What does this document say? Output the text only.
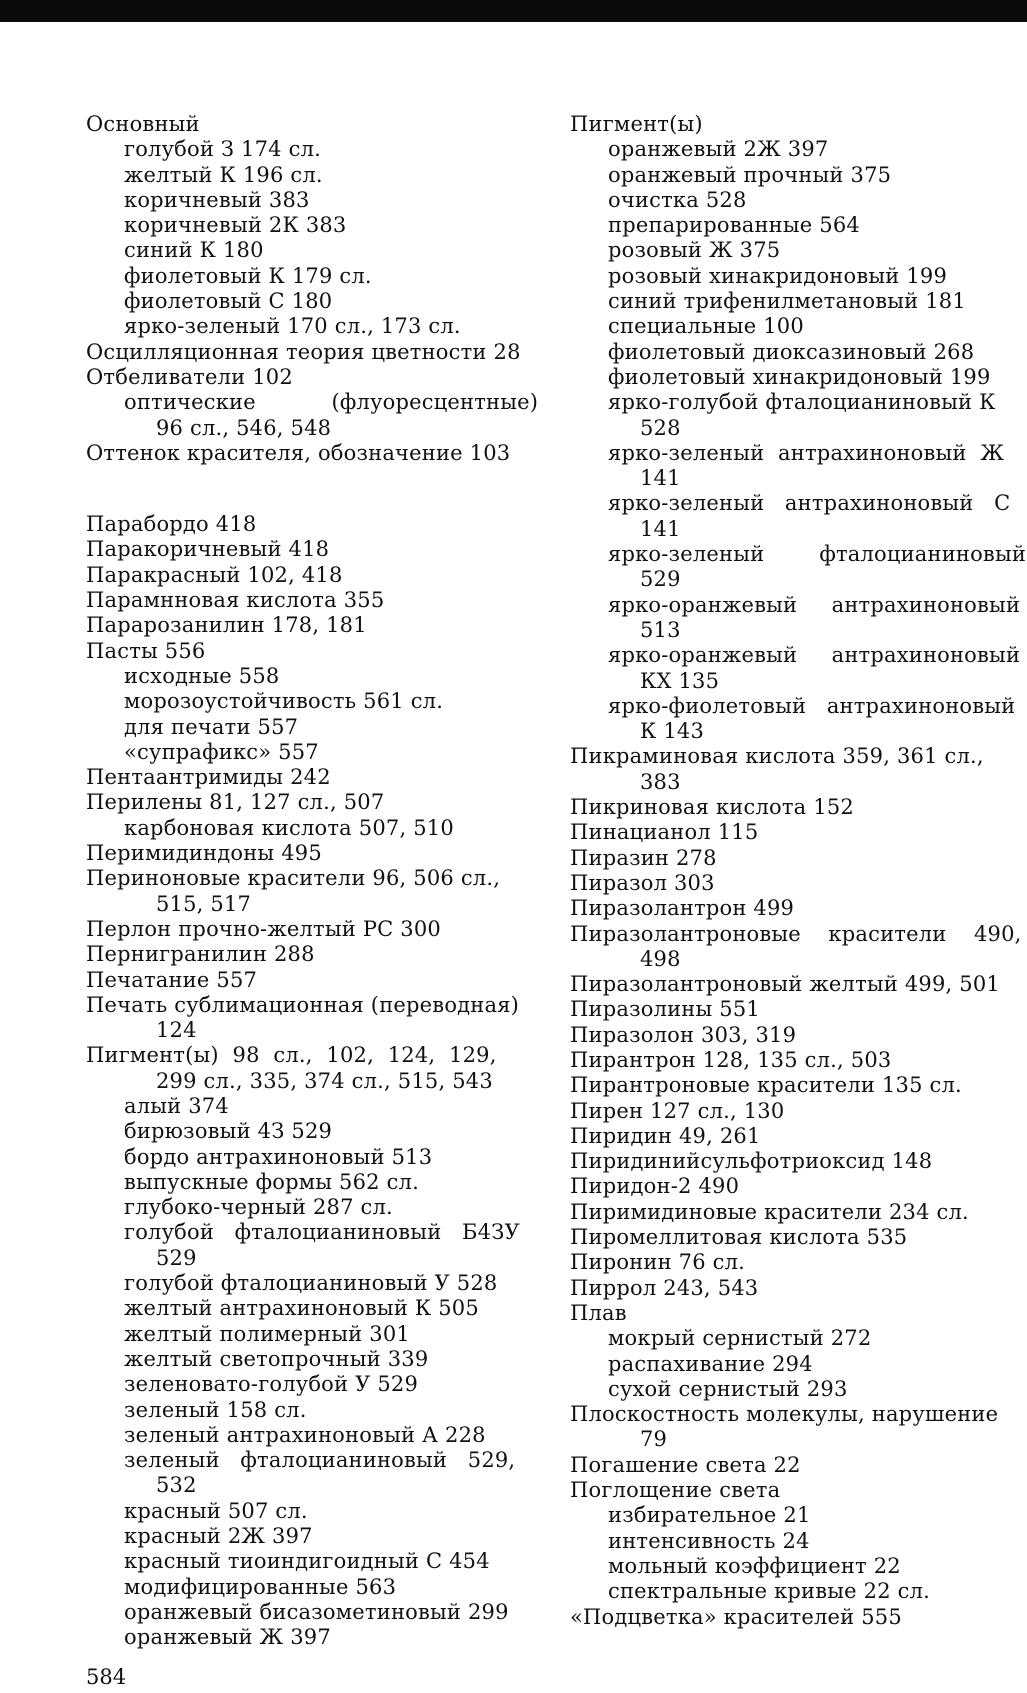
Основный
голубой З 174 сл.
желтый К 196 сл.
коричневый 383
коричневый 2К 383
синий К 180
фиолетовый К 179 сл.
фиолетовый С 180
ярко-зеленый 170 сл., 173 сл.
Осцилляционная теория цветности 28
Отбеливатели 102
оптические           (флуоресцентные)
96 сл., 546, 548
Оттенок красителя, обозначение 103
Парабордо 418
Паракоричневый 418
Паракрасный 102, 418
Парамнновая кислота 355
Парарозанилин 178, 181
Пасты 556
исходные 558
морозоустойчивость 561 сл.
для печати 557
«супрафикс» 557
Пентаантримиды 242
Перилены 81, 127 сл., 507
карбоновая кислота 507, 510
Перимидиндоны 495
Периноновые красители 96, 506 сл.,
515, 517
Перлон прочно-желтый РС 300
Пернигранилин 288
Печатание 557
Печать сублимационная (переводная)
124
Пигмент(ы)  98  сл.,  102,  124,  129,
299 сл., 335, 374 сл., 515, 543
алый 374
бирюзовый 4З 529
бордо антрахиноновый 513
выпускные формы 562 сл.
глубоко-черный 287 сл.
голубой   фталоцианиновый   Б4ЗУ
529
голубой фталоцианиновый У 528
желтый антрахиноновый К 505
желтый полимерный 301
желтый светопрочный 339
зеленовато-голубой У 529
зеленый 158 сл.
зеленый антрахиноновый А 228
зеленый   фталоцианиновый   529,
532
красный 507 сл.
красный 2Ж 397
красный тиоиндигоидный С 454
модифицированные 563
оранжевый бисазометиновый 299
оранжевый Ж 397
Пигмент(ы)
оранжевый 2Ж 397
оранжевый прочный 375
очистка 528
препарированные 564
розовый Ж 375
розовый хинакридоновый 199
синий трифенилметановый 181
специальные 100
фиолетовый диоксазиновый 268
фиолетовый хинакридоновый 199
ярко-голубой фталоцианиновый К
528
ярко-зеленый  антрахиноновый  Ж
141
ярко-зеленый   антрахиноновый   С
141
ярко-зеленый        фталоцианиновый
529
ярко-оранжевый     антрахиноновый
513
ярко-оранжевый     антрахиноновый
КХ 135
ярко-фиолетовый   антрахиноновый
К 143
Пикраминовая кислота 359, 361 сл.,
383
Пикриновая кислота 152
Пинацианол 115
Пиразин 278
Пиразол 303
Пиразолантрон 499
Пиразолантроновые    красители    490,
498
Пиразолантроновый желтый 499, 501
Пиразолины 551
Пиразолон 303, 319
Пирантрон 128, 135 сл., 503
Пирантроновые красители 135 сл.
Пирен 127 сл., 130
Пиридин 49, 261
Пиридинийсульфотриоксид 148
Пиридон-2 490
Пиримидиновые красители 234 сл.
Пиромеллитовая кислота 535
Пиронин 76 сл.
Пиррол 243, 543
Плав
мокрый сернистый 272
распахивание 294
сухой сернистый 293
Плоскостность молекулы, нарушение
79
Погашение света 22
Поглощение света
избирательное 21
интенсивность 24
мольный коэффициент 22
спектральные кривые 22 сл.
«Подцветка» красителей 555
584
